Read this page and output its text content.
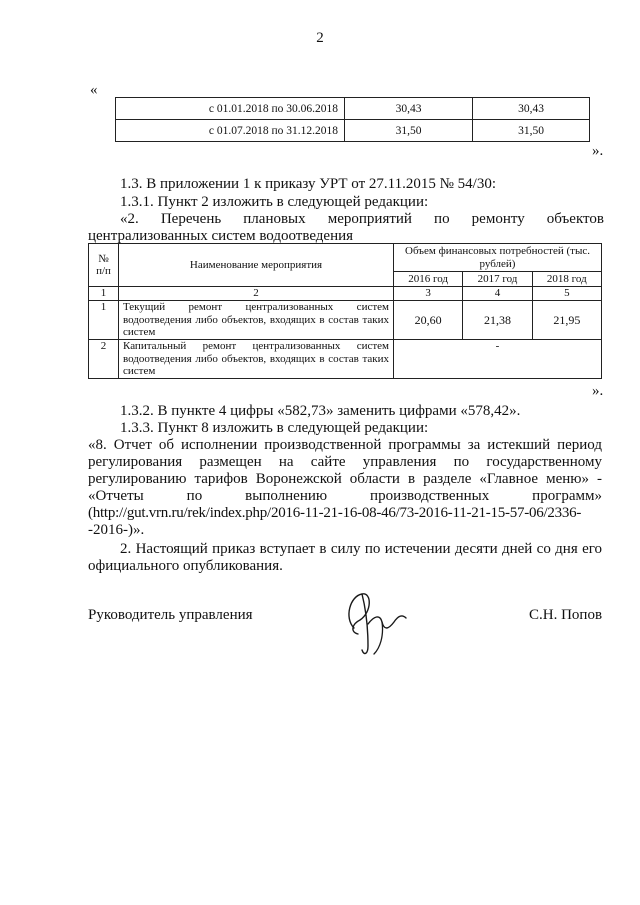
2
«
с 01.01.2018 по 30.06.2018	30,43	30,43
с 01.07.2018 по 31.12.2018	31,50	31,50
».
1.3. В приложении 1 к приказу УРТ от 27.11.2015 № 54/30:
1.3.1. Пункт 2 изложить в следующей редакции:
«2. Перечень плановых мероприятий по ремонту объектов
централизованных систем водоотведения
№ п/п	Наименование мероприятия	Объем финансовых потребностей (тыс. рублей)		
		2016 год	2017 год	2018 год
1	2	3	4	5
1	Текущий ремонт централизованных систем водоотведения либо объектов, входящих в состав таких систем	20,60	21,38	21,95
2	Капитальный ремонт централизованных систем водоотведения либо объектов, входящих в состав таких систем	-		
».
1.3.2. В пункте 4 цифры «582,73» заменить цифрами «578,42».
1.3.3. Пункт 8 изложить в следующей редакции:
«8. Отчет об исполнении производственной программы за истекший период
регулирования размещен на сайте управления по государственному
регулированию тарифов Воронежской области в разделе «Главное меню» -
«Отчеты по выполнению производственных программ»
(http://gut.vrn.ru/rek/index.php/2016-11-21-16-08-46/73-2016-11-21-15-57-06/2336-
-2016-)».
2. Настоящий приказ вступает в силу по истечении десяти дней со дня его
официального опубликования.
Руководитель управления	С.Н. Попов
